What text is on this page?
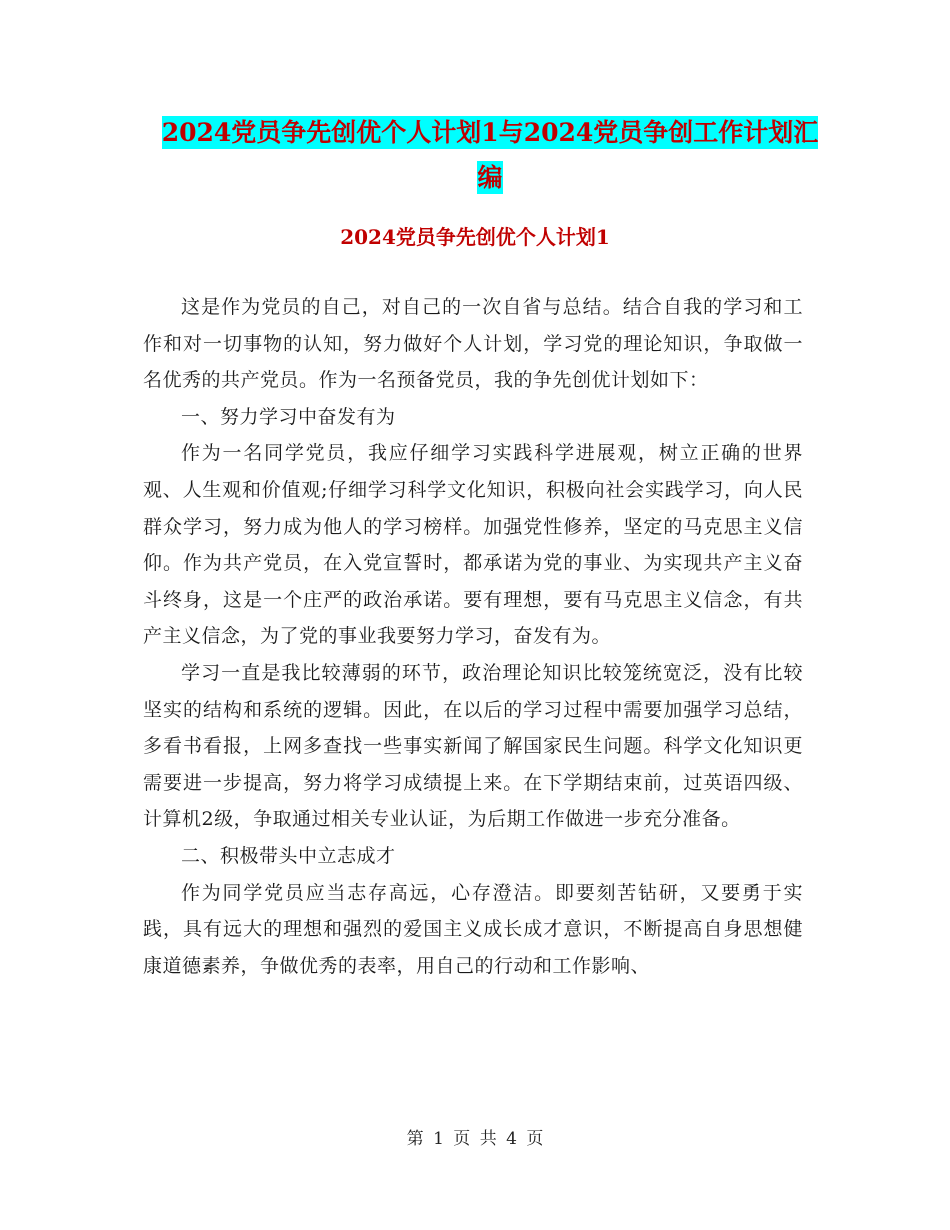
2024党员争先创优个人计划1与2024党员争创工作计划汇编
2024党员争先创优个人计划1

这是作为党员的自己，对自己的一次自省与总结。结合自我的学习和工作和对一切事物的认知，努力做好个人计划，学习党的理论知识，争取做一名优秀的共产党员。作为一名预备党员，我的争先创优计划如下：

一、努力学习中奋发有为

作为一名同学党员，我应仔细学习实践科学进展观，树立正确的世界观、人生观和价值观;仔细学习科学文化知识，积极向社会实践学习，向人民群众学习，努力成为他人的学习榜样。加强党性修养，坚定的马克思主义信仰。作为共产党员，在入党宣誓时，都承诺为党的事业、为实现共产主义奋斗终身，这是一个庄严的政治承诺。要有理想，要有马克思主义信念，有共产主义信念，为了党的事业我要努力学习，奋发有为。

学习一直是我比较薄弱的环节，政治理论知识比较笼统宽泛，没有比较坚实的结构和系统的逻辑。因此，在以后的学习过程中需要加强学习总结，多看书看报，上网多查找一些事实新闻了解国家民生问题。科学文化知识更需要进一步提高，努力将学习成绩提上来。在下学期结束前，过英语四级、计算机2级，争取通过相关专业认证，为后期工作做进一步充分准备。

二、积极带头中立志成才

作为同学党员应当志存高远，心存澄洁。即要刻苦钻研，又要勇于实践，具有远大的理想和强烈的爱国主义成长成才意识，不断提高自身思想健康道德素养，争做优秀的表率，用自己的行动和工作影响、

第 1 页 共 4 页
